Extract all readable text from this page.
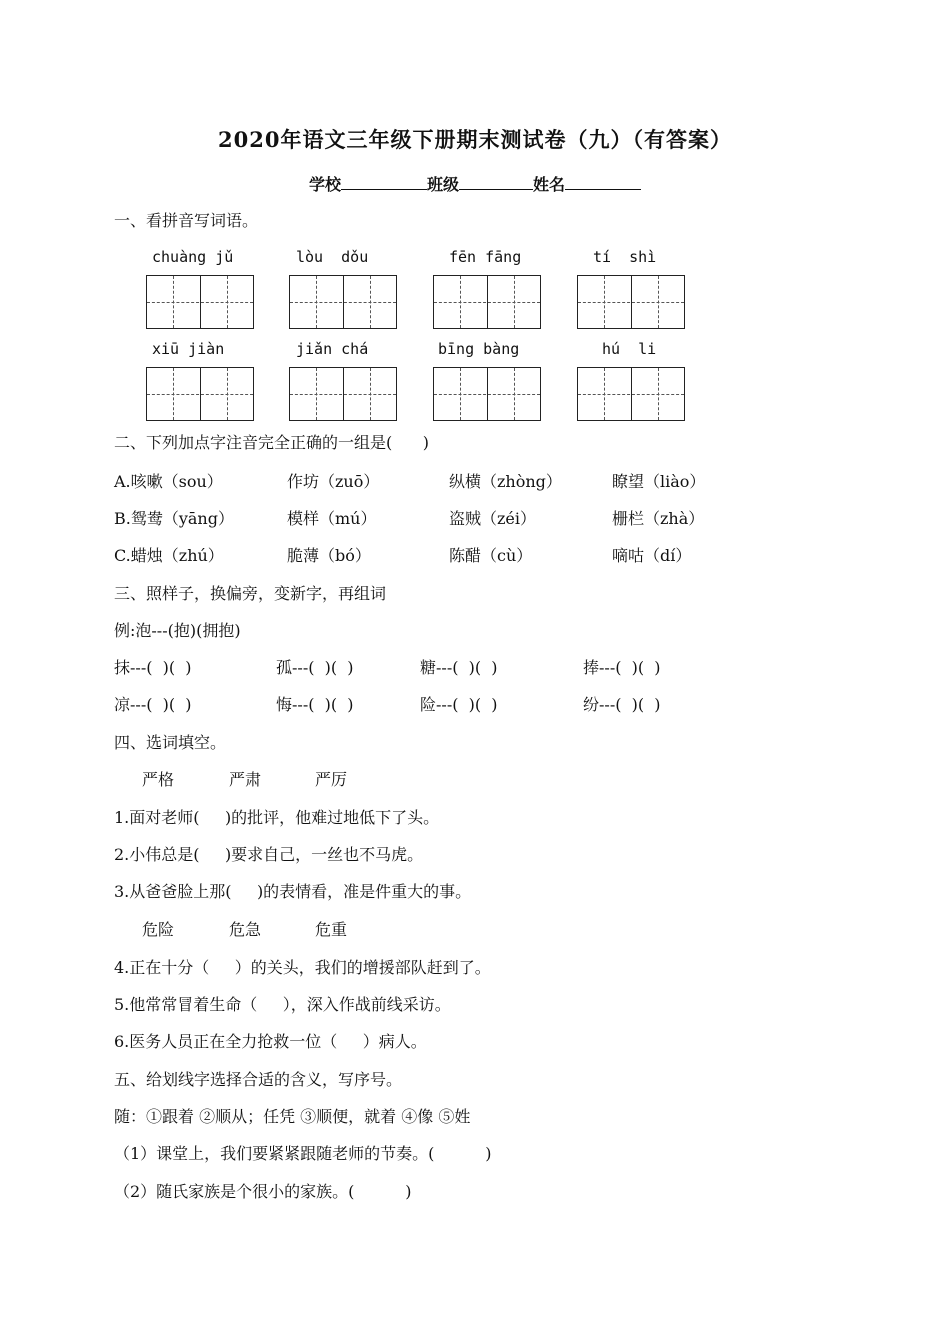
2020年语文三年级下册期末测试卷（九）（有答案）
学校	班级	姓名
一、看拼音写词语。
chuàng jǔ	lòu  dǒu	fēn fāng	tí  shì
xiū jiàn	jiǎn chá	bīng bàng	hú  li
二、下列加点字注音完全正确的一组是(      )
A.咳嗽（sou）	作坊（zuō）	纵横（zhòng）	瞭望（liào）
B.鸳鸯（yāng）	模样（mú）	盗贼（zéi）	栅栏（zhà）
C.蜡烛（zhú）	脆薄（bó）	陈醋（cù）	嘀咕（dí）
三、照样子，换偏旁，变新字，再组词
例:泡---(抱)(拥抱)
抹---(  )(  )	孤---(  )(  )	糖---(  )(  )	捧---(  )(  )
凉---(  )(  )	悔---(  )(  )	险---(  )(  )	纷---(  )(  )
四、选词填空。
严格	严肃	严厉
1.面对老师(     )的批评，他难过地低下了头。
2.小伟总是(     )要求自己，一丝也不马虎。
3.从爸爸脸上那(     )的表情看，准是件重大的事。
危险	危急	危重
4.正在十分（     ）的关头，我们的增援部队赶到了。
5.他常常冒着生命（     ），深入作战前线采访。
6.医务人员正在全力抢救一位（     ）病人。
五、给划线字选择合适的含义，写序号。
随：①跟着 ②顺从；任凭 ③顺便，就着 ④像 ⑤姓
（1）课堂上，我们要紧紧跟随老师的节奏。(          )
（2）随氏家族是个很小的家族。(          )
